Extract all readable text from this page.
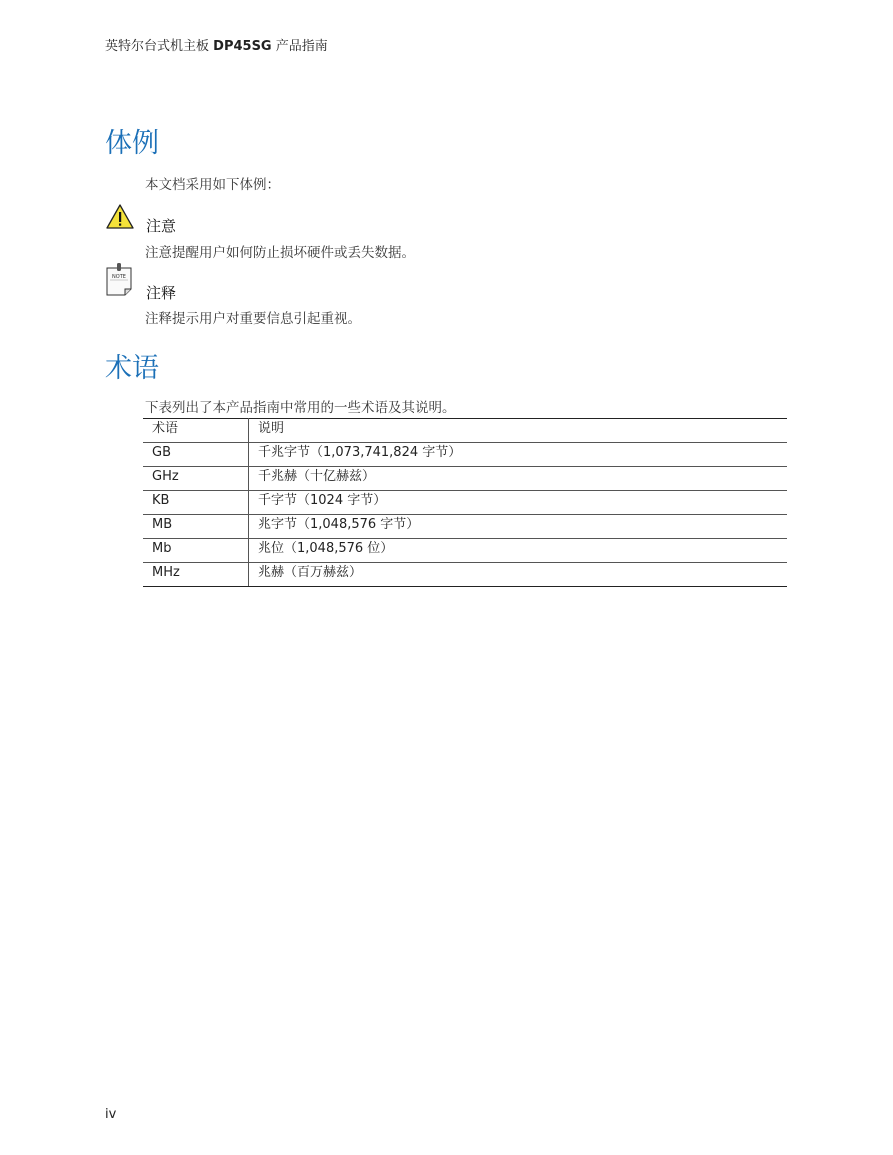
英特尔台式机主板 DP45SG 产品指南
体例
本文档采用如下体例：
注意
注意提醒用户如何防止损坏硬件或丢失数据。
NOTE
注释
注释提示用户对重要信息引起重视。
术语
下表列出了本产品指南中常用的一些术语及其说明。
术语	说明
GB	千兆字节（1,073,741,824 字节）
GHz	千兆赫（十亿赫兹）
KB	千字节（1024 字节）
MB	兆字节（1,048,576 字节）
Mb	兆位（1,048,576 位）
MHz	兆赫（百万赫兹）
iv
